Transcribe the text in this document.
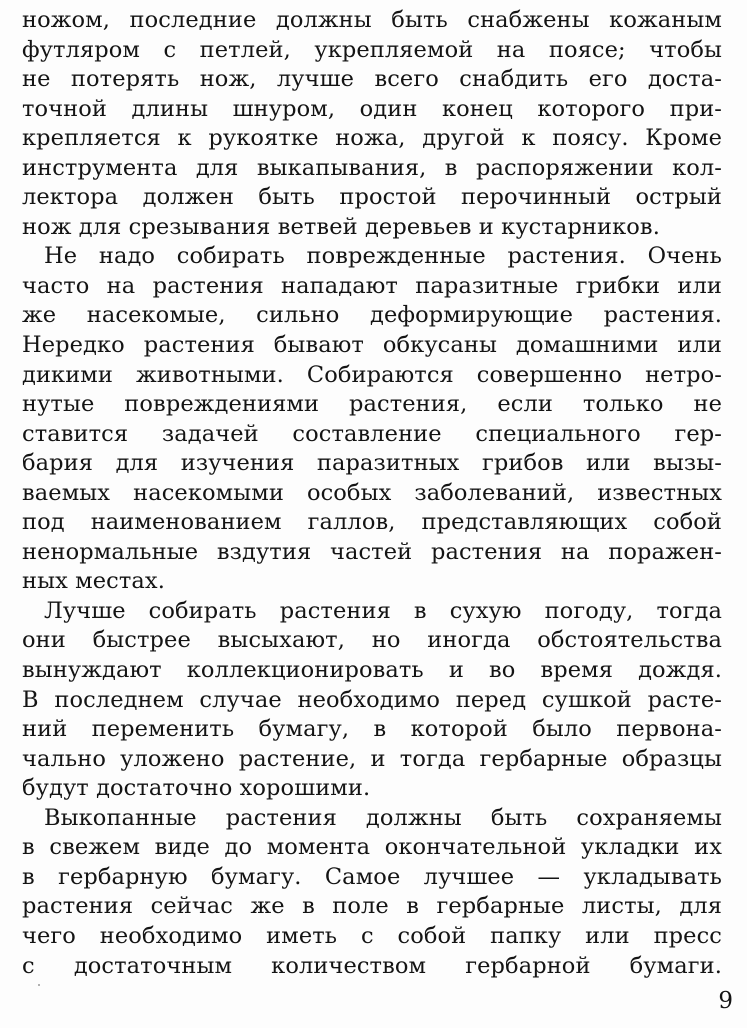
ножом, последние должны быть снабжены кожаным
футляром с петлей, укрепляемой на поясе; чтобы
не потерять нож, лучше всего снабдить его доста-
точной длины шнуром, один конец которого при-
крепляется к рукоятке ножа, другой к поясу. Кроме
инструмента для выкапывания, в распоряжении кол-
лектора должен быть простой перочинный острый
нож для срезывания ветвей деревьев и кустарников.
Не надо собирать поврежденные растения. Очень
часто на растения нападают паразитные грибки или
же насекомые, сильно деформирующие растения.
Нередко растения бывают обкусаны домашними или
дикими животными. Собираются совершенно нетро-
нутые повреждениями растения, если только не
ставится задачей составление специального гер-
бария для изучения паразитных грибов или вызы-
ваемых насекомыми особых заболеваний, известных
под наименованием галлов, представляющих собой
ненормальные вздутия частей растения на поражен-
ных местах.
Лучше собирать растения в сухую погоду, тогда
они быстрее высыхают, но иногда обстоятельства
вынуждают коллекционировать и во время дождя.
В последнем случае необходимо перед сушкой расте-
ний переменить бумагу, в которой было первона-
чально уложено растение, и тогда гербарные образцы
будут достаточно хорошими.
Выкопанные растения должны быть сохраняемы
в свежем виде до момента окончательной укладки их
в гербарную бумагу. Самое лучшее — укладывать
растения сейчас же в поле в гербарные листы, для
чего необходимо иметь с собой папку или пресс
с достаточным количеством гербарной бумаги.
9
